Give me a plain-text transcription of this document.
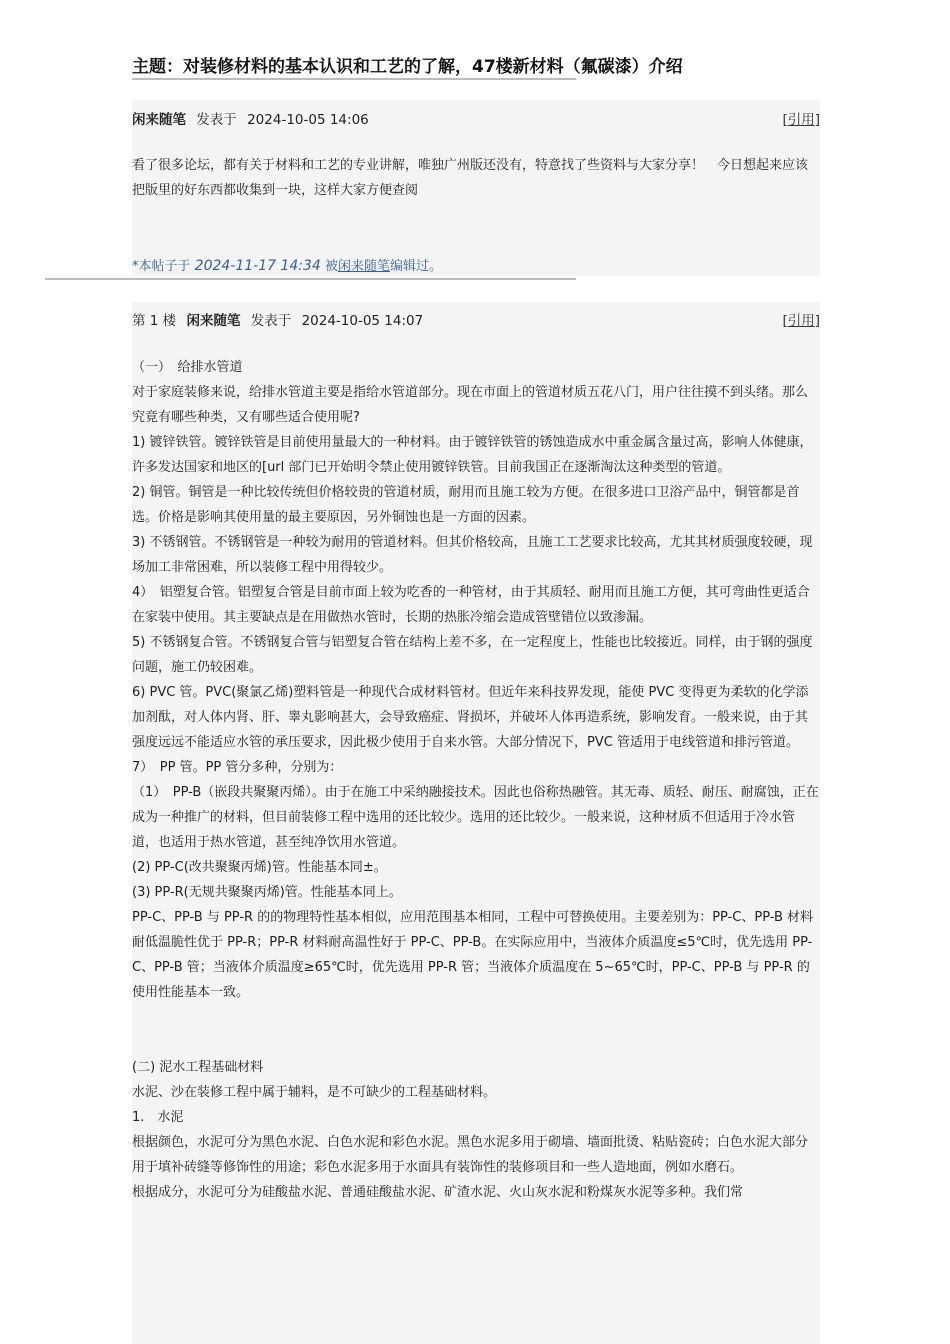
主题：对装修材料的基本认识和工艺的了解，47楼新材料（氟碳漆）介绍
闲来随笔 发表于 2024-10-05 14:06	[引用]

看了很多论坛，都有关于材料和工艺的专业讲解，唯独广州版还没有，特意找了些资料与大家分享！　今日想起来应该把版里的好东西都收集到一块，这样大家方便查阅

*本帖子于 2024-11-17 14:34 被闲来随笔编辑过。
第 1 楼 闲来随笔 发表于 2024-10-05 14:07	[引用]

（一）　给排水管道

对于家庭装修来说，给排水管道主要是指给水管道部分。现在市面上的管道材质五花八门，用户往往摸不到头绪。那么究竟有哪些种类，又有哪些适合使用呢?

1) 镀锌铁管。镀锌铁管是目前使用量最大的一种材料。由于镀锌铁管的锈蚀造成水中重金属含量过高，影响人体健康，许多发达国家和地区的[url 部门已开始明令禁止使用镀锌铁管。目前我国正在逐渐淘汰这种类型的管道。

2) 铜管。铜管是一种比较传统但价格较贵的管道材质，耐用而且施工较为方便。在很多进口卫浴产品中，铜管都是首选。价格是影响其使用量的最主要原因，另外铜蚀也是一方面的因素。

3) 不锈钢管。不锈钢管是一种较为耐用的管道材料。但其价格较高，且施工工艺要求比较高，尤其其材质强度较硬，现场加工非常困难，所以装修工程中用得较少。

4）　铝塑复合管。铝塑复合管是目前市面上较为吃香的一种管材，由于其质轻、耐用而且施工方便，其可弯曲性更适合在家装中使用。其主要缺点是在用做热水管时，长期的热胀冷缩会造成管壁错位以致渗漏。

5) 不锈钢复合管。不锈钢复合管与铝塑复合管在结构上差不多，在一定程度上，性能也比较接近。同样，由于钢的强度问题，施工仍较困难。

6) PVC 管。PVC(聚氯乙烯)塑料管是一种现代合成材料管材。但近年来科技界发现，能使 PVC 变得更为柔软的化学添加剂酞，对人体内肾、肝、睾丸影响甚大，会导致癌症、肾损坏，并破坏人体再造系统，影响发育。一般来说，由于其强度远远不能适应水管的承压要求，因此极少使用于自来水管。大部分情况下，PVC 管适用于电线管道和排污管道。

7）　PP 管。PP 管分多种，分别为：

（1）　PP-B（嵌段共聚聚丙烯）。由于在施工中采纳融接技术。因此也俗称热融管。其无毒、质轻、耐压、耐腐蚀，正在成为一种推广的材料，但目前装修工程中选用的还比较少。选用的还比较少。一般来说，这种材质不但适用于冷水管道，也适用于热水管道，甚至纯净饮用水管道。

(2) PP-C(改共聚聚丙烯)管。性能基本同±。

(3) PP-R(无规共聚聚丙烯)管。性能基本同上。

PP-C、PP-B 与 PP-R 的的物理特性基本相似，应用范围基本相同，工程中可替换使用。主要差别为：PP-C、PP-B 材料耐低温脆性优于 PP-R；PP-R 材料耐高温性好于 PP-C、PP-B。在实际应用中，当液体介质温度≤5℃时，优先选用 PP-C、PP-B 管；当液体介质温度≥65℃时，优先选用 PP-R 管；当液体介质温度在 5~65℃时，PP-C、PP-B 与 PP-R 的使用性能基本一致。

(二) 泥水工程基础材料

水泥、沙在装修工程中属于辅料，是不可缺少的工程基础材料。

1.　水泥

根据颜色，水泥可分为黑色水泥、白色水泥和彩色水泥。黑色水泥多用于砌墙、墙面批烫、粘贴瓷砖；白色水泥大部分用于填补砖缝等修饰性的用途；彩色水泥多用于水面具有装饰性的装修项目和一些人造地面，例如水磨石。

根据成分，水泥可分为硅酸盐水泥、普通硅酸盐水泥、矿渣水泥、火山灰水泥和粉煤灰水泥等多种。我们常
